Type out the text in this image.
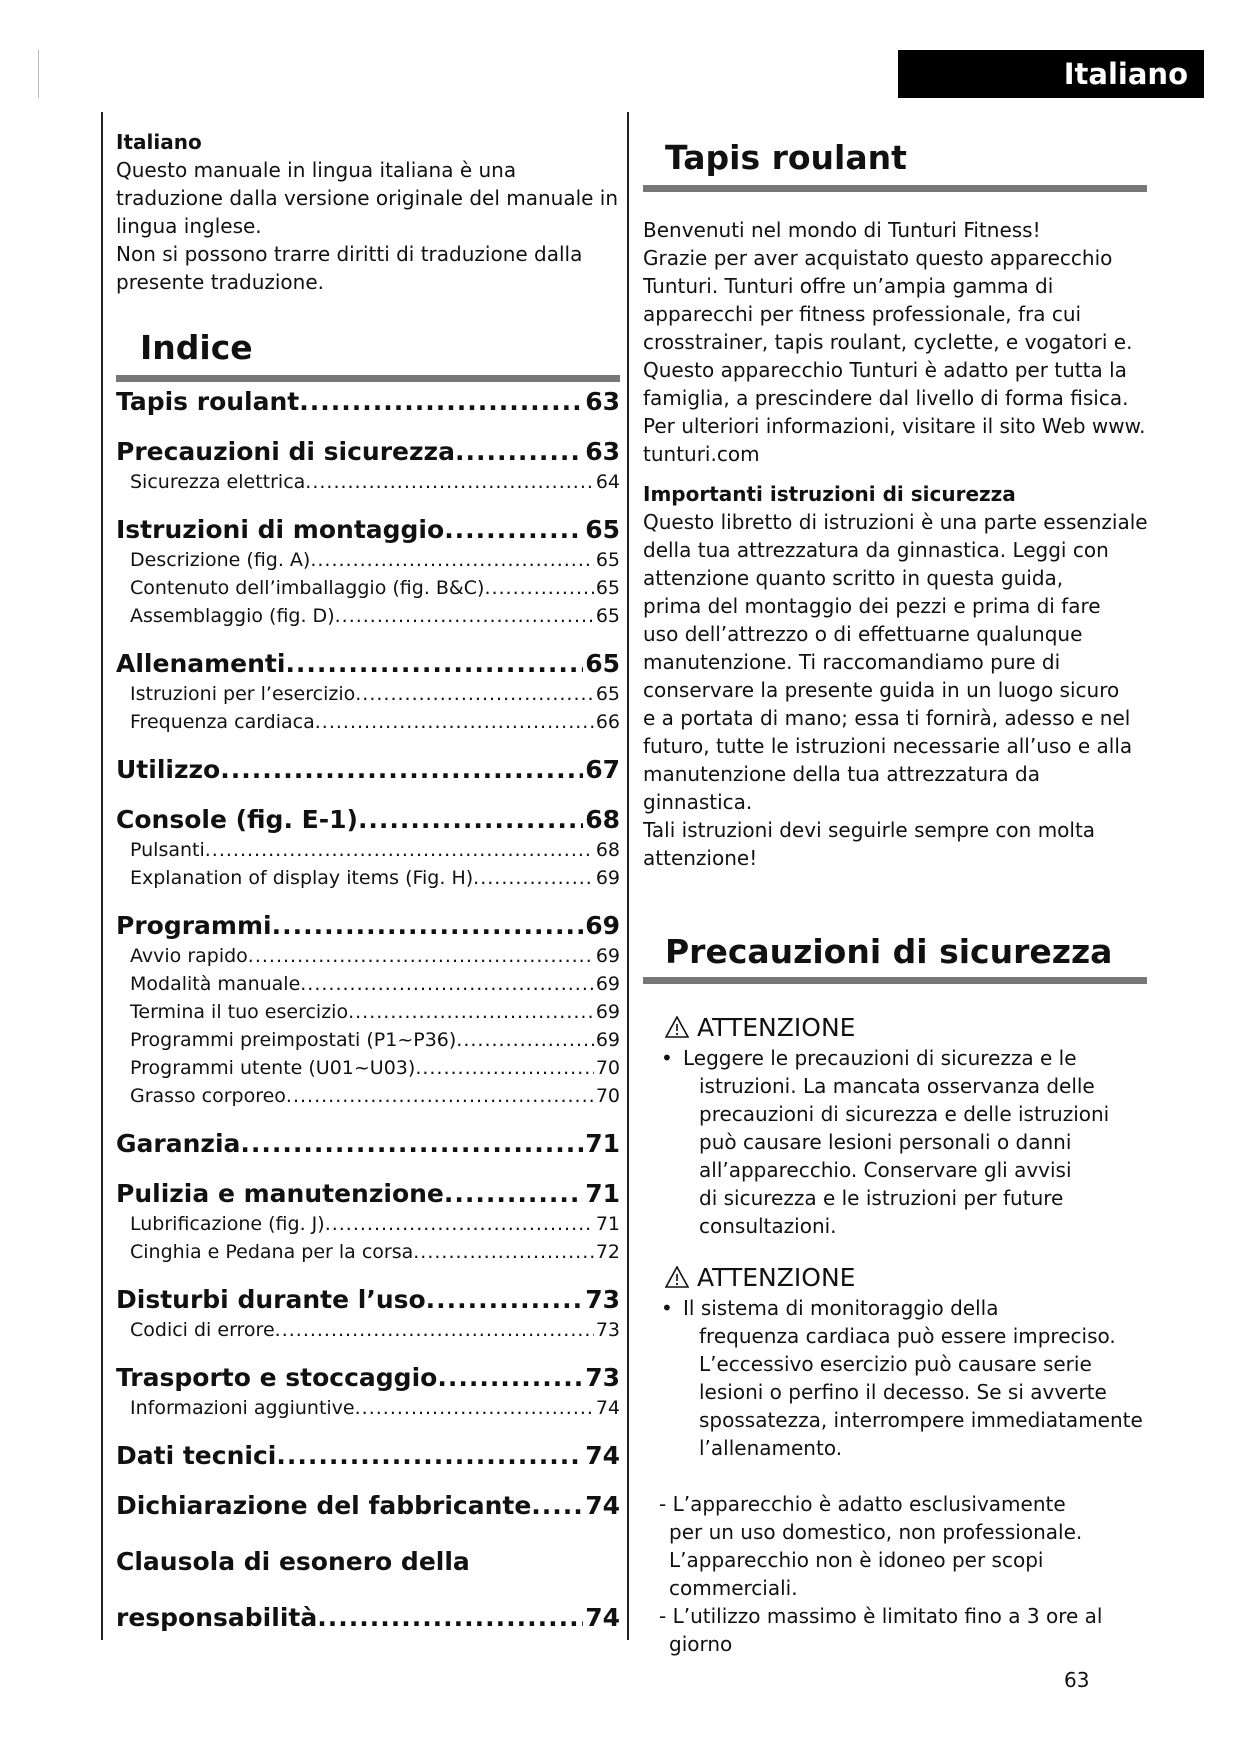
Italiano

Italiano

Questo manuale in lingua italiana è una

traduzione dalla versione originale del manuale in

lingua inglese.

Non si possono trarre diritti di traduzione dalla

presente traduzione.

Indice
Tapis roulant .....	63
Precauzioni di sicurezza .....	63
Sicurezza elettrica .....	64
Istruzioni di montaggio .....	65
Descrizione (fig. A) .....	65
Contenuto dell’imballaggio (fig. B&C) .....	65
Assemblaggio (fig. D) .....	65
Allenamenti .....	65
Istruzioni per l’esercizio .....	65
Frequenza cardiaca .....	66
Utilizzo .....	67
Console (fig. E-1) .....	68
Pulsanti .....	68
Explanation of display items (Fig. H) .....	69
Programmi .....	69
Avvio rapido .....	69
Modalità manuale .....	69
Termina il tuo esercizio .....	69
Programmi preimpostati (P1~P36) .....	69
Programmi utente (U01~U03) .....	70
Grasso corporeo .....	70
Garanzia .....	71
Pulizia e manutenzione .....	71
Lubrificazione (fig. J) .....	71
Cinghia e Pedana per la corsa .....	72
Disturbi durante l’uso .....	73
Codici di errore .....	73
Trasporto e stoccaggio .....	73
Informazioni aggiuntive .....	74
Dati tecnici .....	74
Dichiarazione del fabbricante ..... 74
Clausola di esonero della
responsabilità .....	74
Tapis roulant

Benvenuti nel mondo di Tunturi Fitness!

Grazie per aver acquistato questo apparecchio

Tunturi. Tunturi offre un’ampia gamma di

apparecchi per fitness professionale, fra cui

crosstrainer, tapis roulant, cyclette, e vogatori e.

Questo apparecchio Tunturi è adatto per tutta la

famiglia, a prescindere dal livello di forma fisica.

Per ulteriori informazioni, visitare il sito Web www.

tunturi.com

Importanti istruzioni di sicurezza

Questo libretto di istruzioni è una parte essenziale

della tua attrezzatura da ginnastica. Leggi con

attenzione quanto scritto in questa guida,

prima del montaggio dei pezzi e prima di fare

uso dell’attrezzo o di effettuarne qualunque

manutenzione. Ti raccomandiamo pure di

conservare la presente guida in un luogo sicuro

e a portata di mano; essa ti fornirà, adesso e nel

futuro, tutte le istruzioni necessarie all’uso e alla

manutenzione della tua attrezzatura da ginnastica.

Tali istruzioni devi seguirle sempre con molta

attenzione!

Precauzioni di sicurezza
ATTENZIONE
• Leggere le precauzioni di sicurezza e le
istruzioni. La mancata osservanza delle
precauzioni di sicurezza e delle istruzioni
può causare lesioni personali o danni
all’apparecchio. Conservare gli avvisi
di sicurezza e le istruzioni per future
consultazioni.
ATTENZIONE
• Il sistema di monitoraggio della
frequenza cardiaca può essere impreciso.
L’eccessivo esercizio può causare serie
lesioni o perfino il decesso. Se si avverte
spossatezza, interrompere immediatamente
l’allenamento.
- L’apparecchio è adatto esclusivamente
per un uso domestico, non professionale.
L’apparecchio non è idoneo per scopi
commerciali.
- L’utilizzo massimo è limitato fino a 3 ore al
giorno
63
